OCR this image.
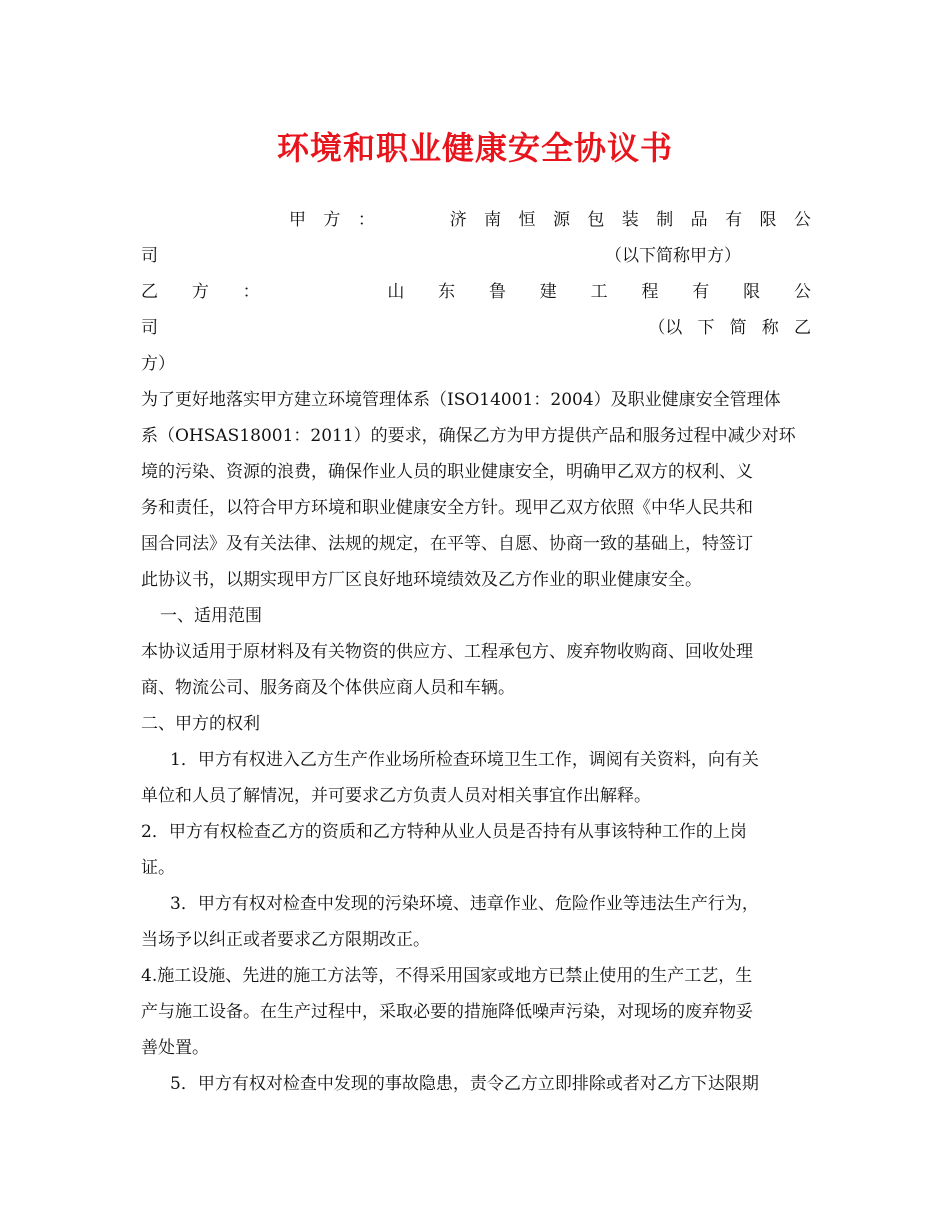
环境和职业健康安全协议书
甲 方 ：	济 南 恒 源 包 装 制 品 有 限 公
司	（以下简称甲方）
乙 方 ：	山 东 鲁 建 工 程 有 限 公
司	（以 下 简 称 乙
方）
为了更好地落实甲方建立环境管理体系（ISO14001：2004）及职业健康安全管理体
系（OHSAS18001：2011）的要求，确保乙方为甲方提供产品和服务过程中减少对环
境的污染、资源的浪费，确保作业人员的职业健康安全，明确甲乙双方的权利、义
务和责任，以符合甲方环境和职业健康安全方针。现甲乙双方依照《中华人民共和
国合同法》及有关法律、法规的规定，在平等、自愿、协商一致的基础上，特签订
此协议书，以期实现甲方厂区良好地环境绩效及乙方作业的职业健康安全。
一、适用范围
本协议适用于原材料及有关物资的供应方、工程承包方、废弃物收购商、回收处理
商、物流公司、服务商及个体供应商人员和车辆。
二、甲方的权利
1．甲方有权进入乙方生产作业场所检查环境卫生工作，调阅有关资料，向有关
单位和人员了解情况，并可要求乙方负责人员对相关事宜作出解释。
2．甲方有权检查乙方的资质和乙方特种从业人员是否持有从事该特种工作的上岗
证。
3．甲方有权对检查中发现的污染环境、违章作业、危险作业等违法生产行为，
当场予以纠正或者要求乙方限期改正。
4.施工设施、先进的施工方法等，不得采用国家或地方已禁止使用的生产工艺，生
产与施工设备。在生产过程中，采取必要的措施降低噪声污染，对现场的废弃物妥
善处置。
5．甲方有权对检查中发现的事故隐患，责令乙方立即排除或者对乙方下达限期
